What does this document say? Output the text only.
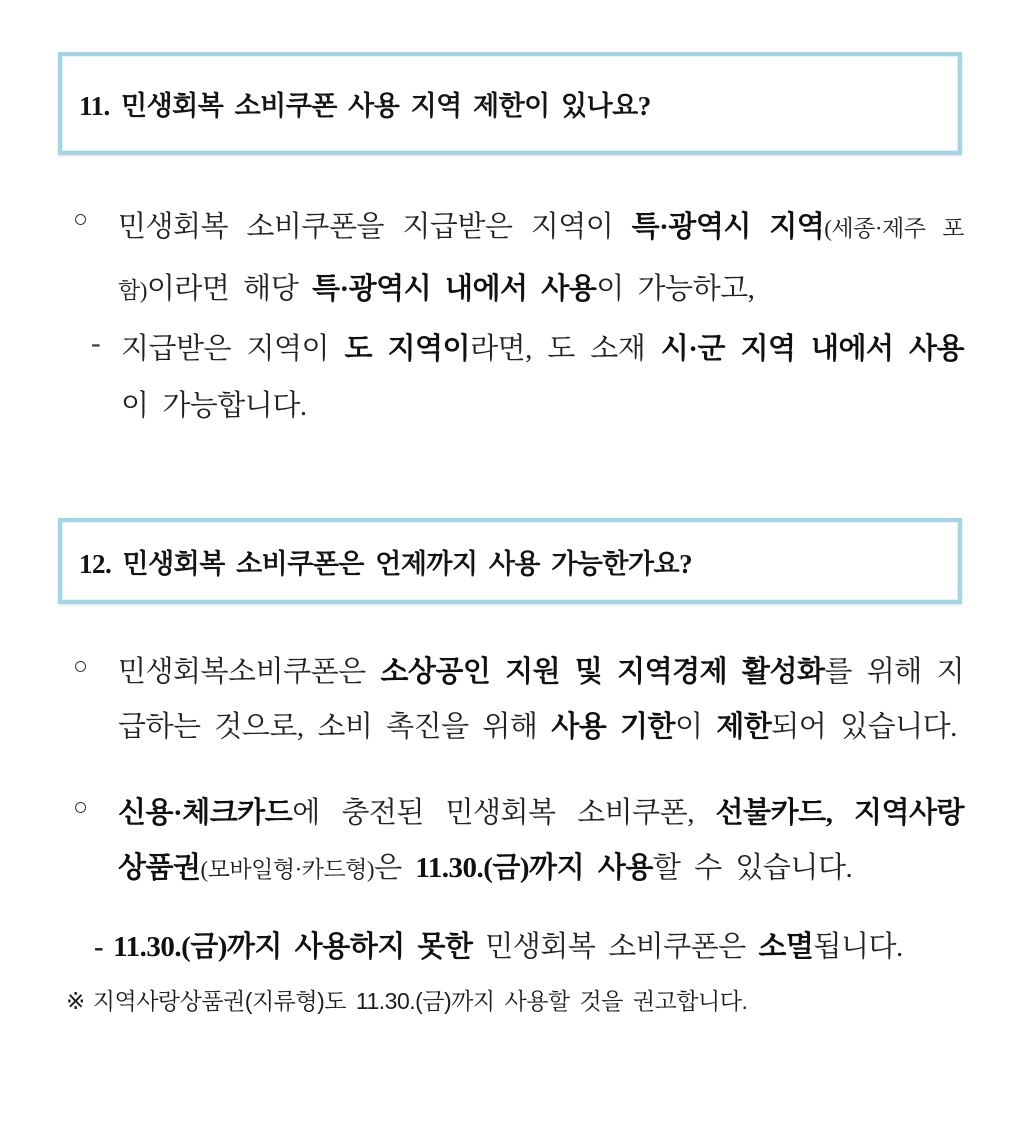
11. 민생회복 소비쿠폰 사용 지역 제한이 있나요?
○ 민생회복 소비쿠폰을 지급받은 지역이 특·광역시 지역(세종·제주 포함)이라면 해당 특·광역시 내에서 사용이 가능하고,
- 지급받은 지역이 도 지역이라면, 도 소재 시·군 지역 내에서 사용이 가능합니다.
12. 민생회복 소비쿠폰은 언제까지 사용 가능한가요?
○ 민생회복소비쿠폰은 소상공인 지원 및 지역경제 활성화를 위해 지급하는 것으로, 소비 촉진을 위해 사용 기한이 제한되어 있습니다.
○ 신용·체크카드에 충전된 민생회복 소비쿠폰, 선불카드, 지역사랑 상품권(모바일형·카드형)은 11.30.(금)까지 사용할 수 있습니다.
- 11.30.(금)까지 사용하지 못한 민생회복 소비쿠폰은 소멸됩니다.
※ 지역사랑상품권(지류형)도 11.30.(금)까지 사용할 것을 권고합니다.
